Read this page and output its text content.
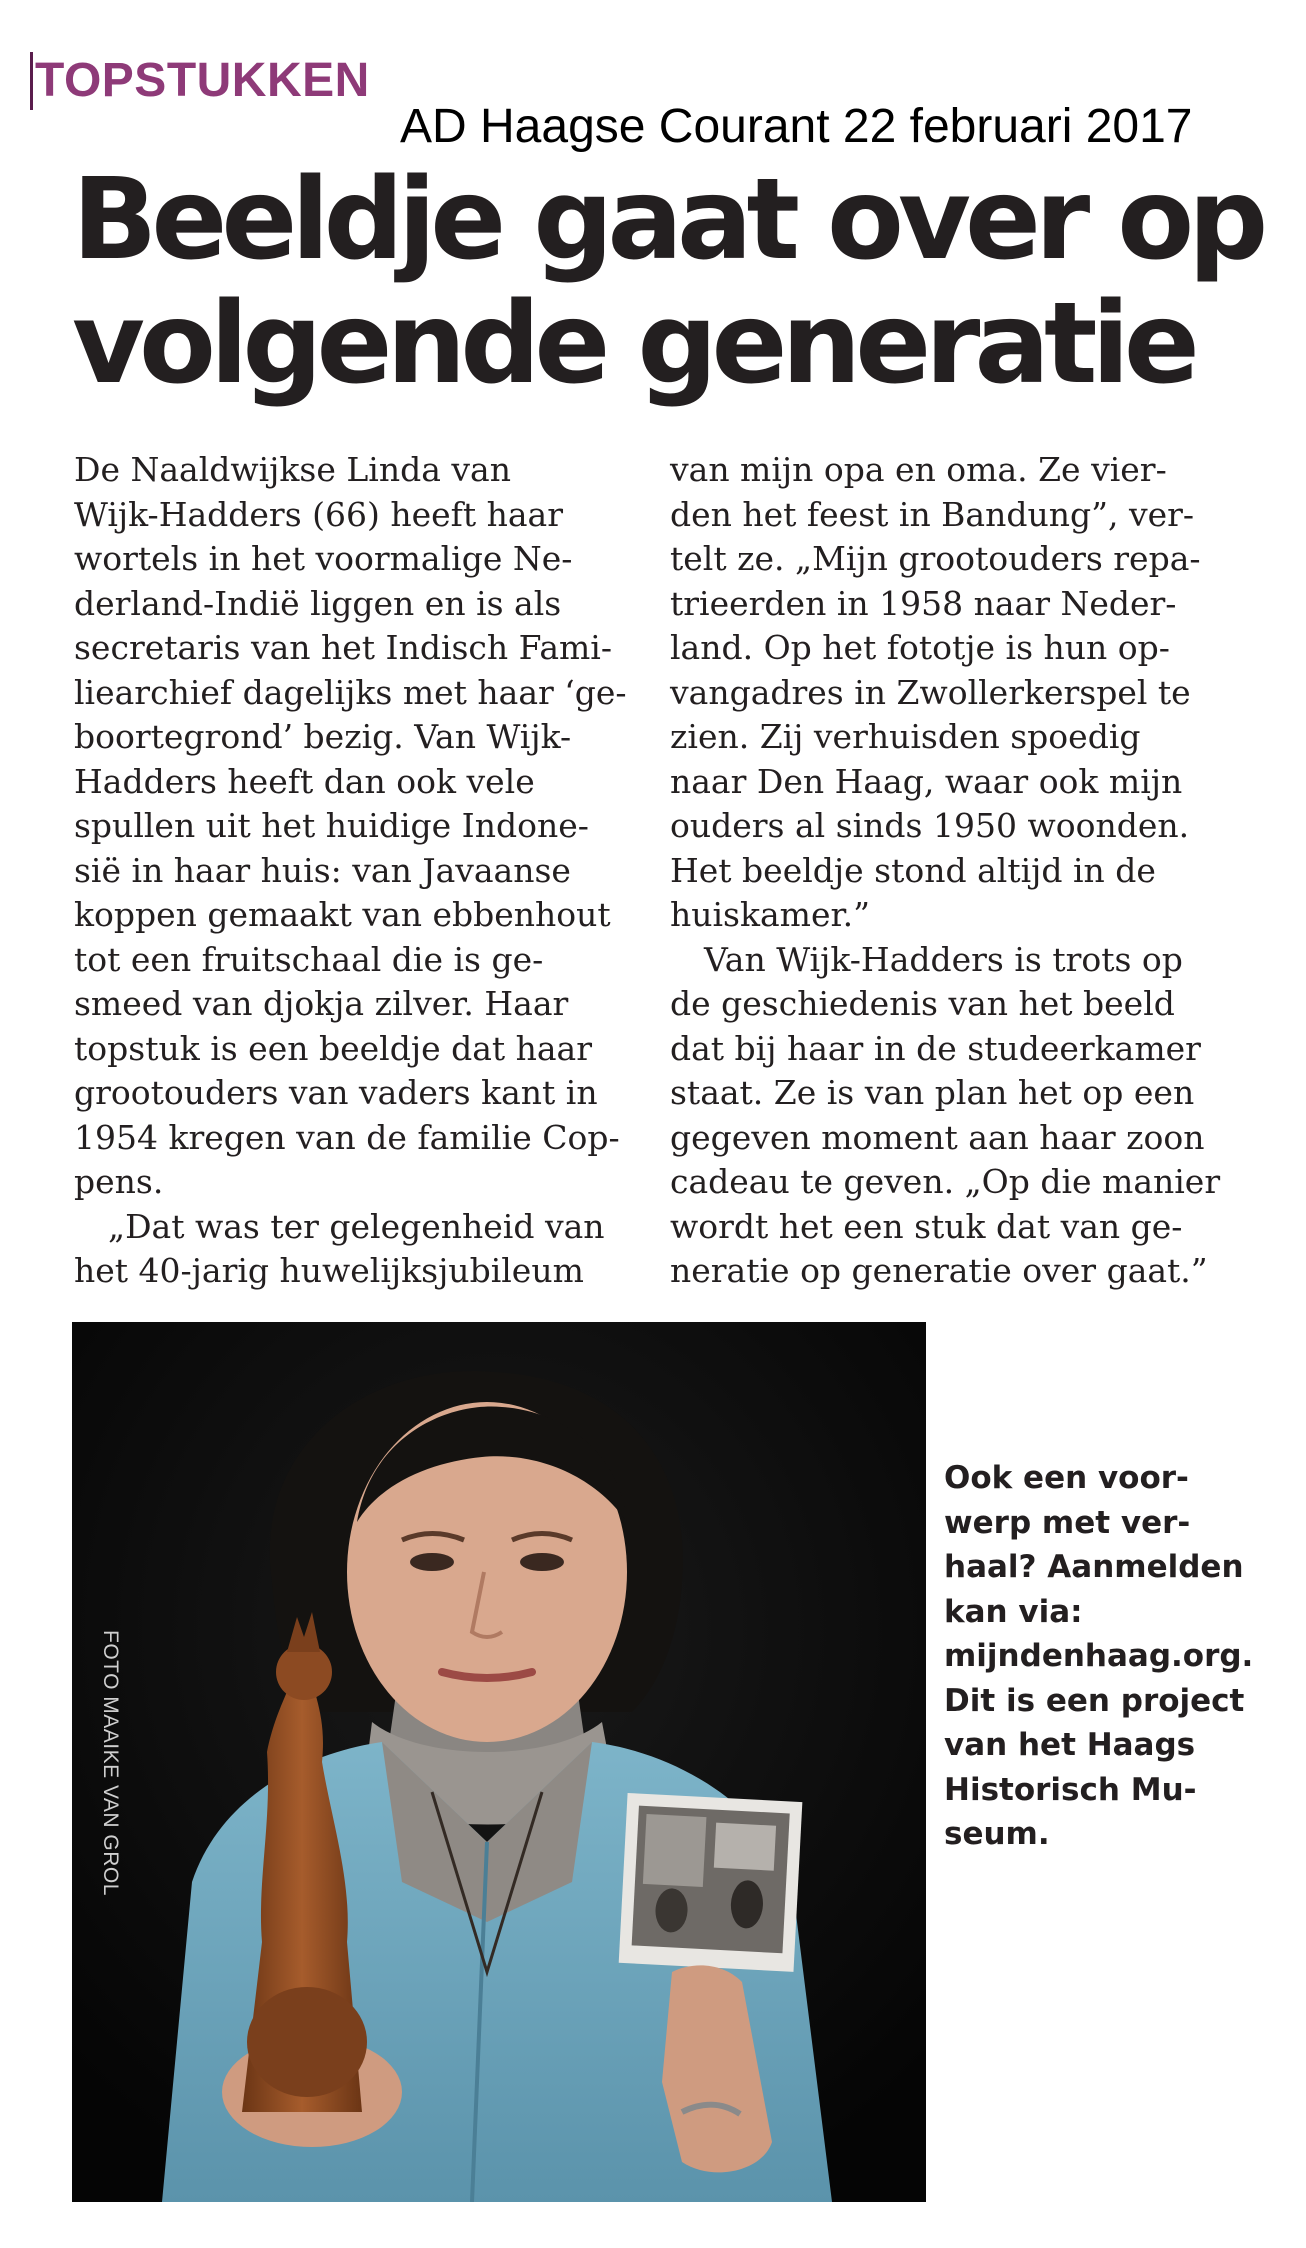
TOPSTUKKEN
AD Haagse Courant 22 februari 2017
Beeldje gaat over op volgende generatie

De Naaldwijkse Linda van
Wijk-Hadders (66) heeft haar
wortels in het voormalige Ne-
derland-Indië liggen en is als
secretaris van het Indisch Fami-
liearchief dagelijks met haar ‘ge-
boortegrond’ bezig. Van Wijk-
Hadders heeft dan ook vele
spullen uit het huidige Indone-
sië in haar huis: van Javaanse
koppen gemaakt van ebbenhout
tot een fruitschaal die is ge-
smeed van djokja zilver. Haar
topstuk is een beeldje dat haar
grootouders van vaders kant in
1954 kregen van de familie Cop-
pens.

„Dat was ter gelegenheid van
het 40-jarig huwelijksjubileum

van mijn opa en oma. Ze vier-
den het feest in Bandung”, ver-
telt ze. „Mijn grootouders repa-
trieerden in 1958 naar Neder-
land. Op het fototje is hun op-
vangadres in Zwollerkerspel te
zien. Zij verhuisden spoedig
naar Den Haag, waar ook mijn
ouders al sinds 1950 woonden.
Het beeldje stond altijd in de
huiskamer.”

Van Wijk-Hadders is trots op
de geschiedenis van het beeld
dat bij haar in de studeerkamer
staat. Ze is van plan het op een
gegeven moment aan haar zoon
cadeau te geven. „Op die manier
wordt het een stuk dat van ge-
neratie op generatie over gaat.”

FOTO MAAIKE VAN GROL
Ook een voor-
werp met ver-
haal? Aanmelden
kan via:
mijndenhaag.org.
Dit is een project
van het Haags
Historisch Mu-
seum.
